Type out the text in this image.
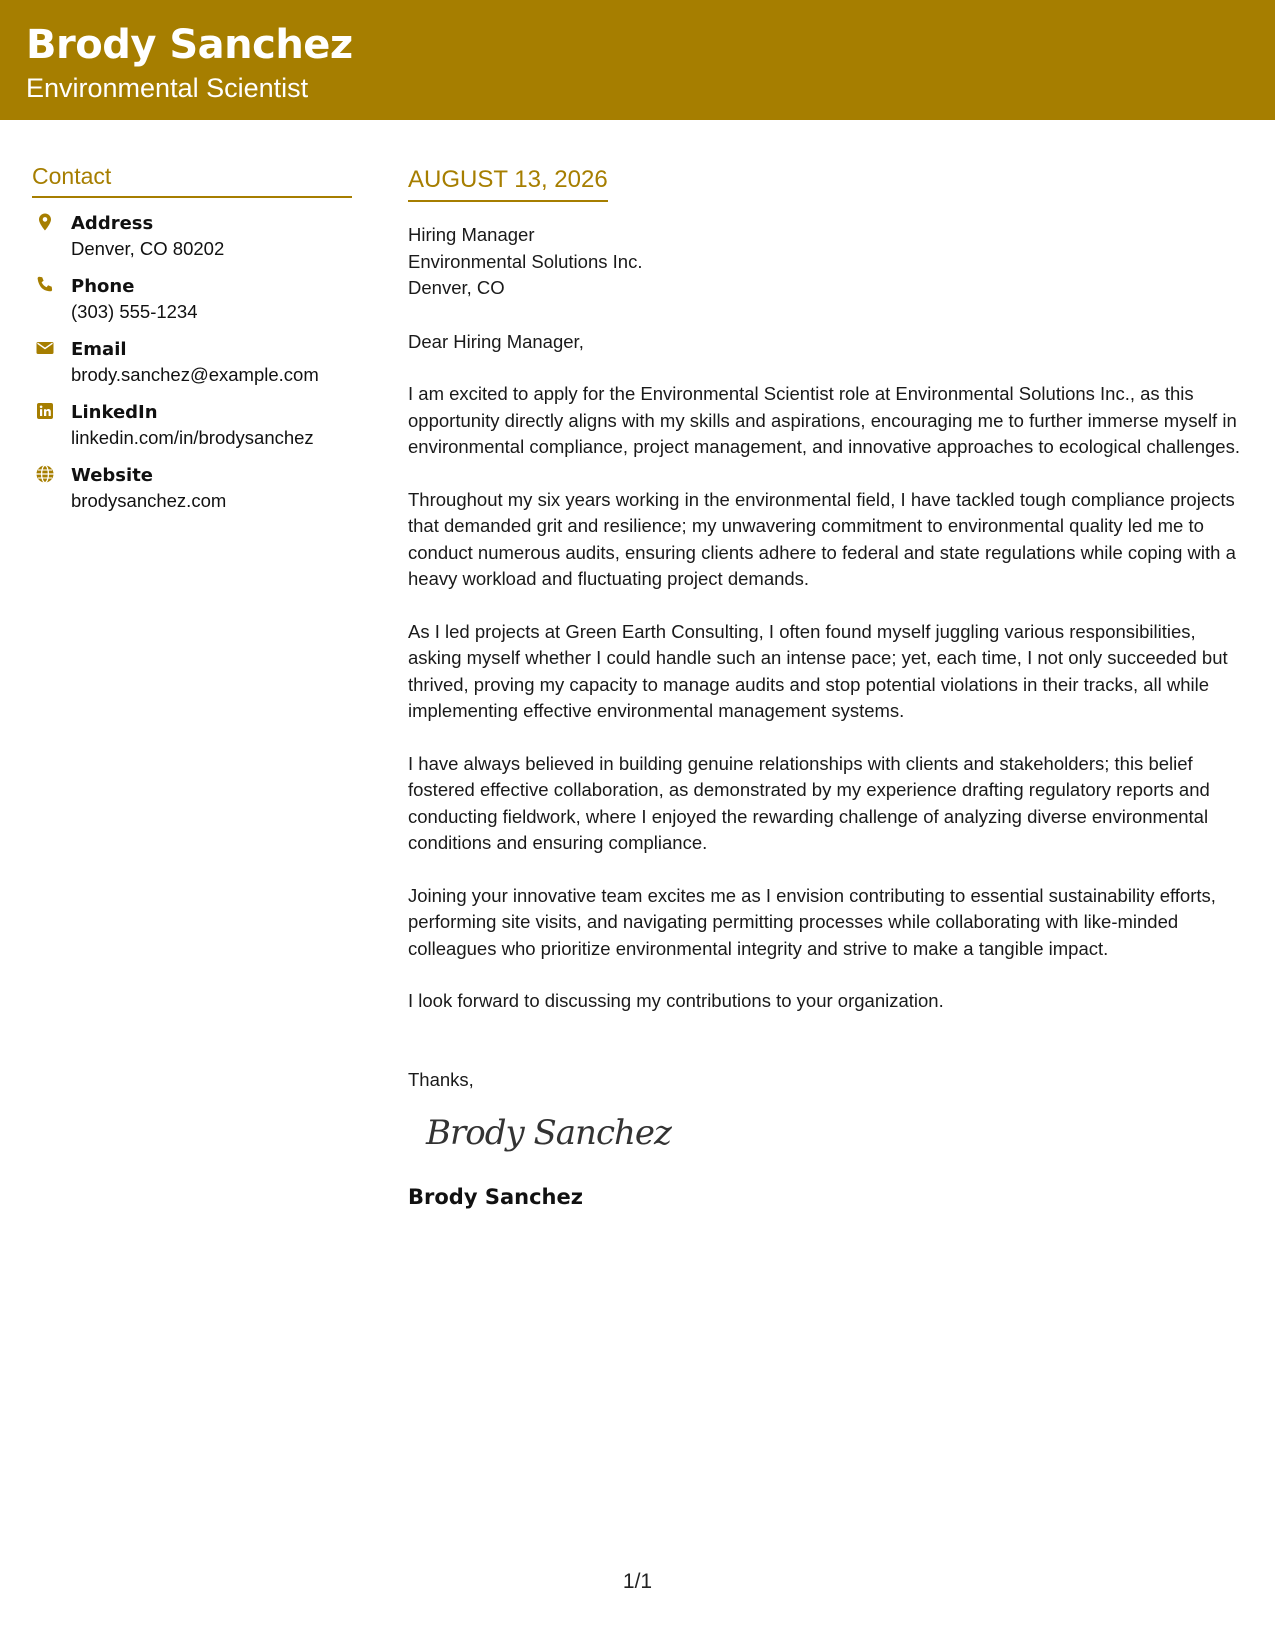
Brody Sanchez
Environmental Scientist
Contact
Address
Denver, CO 80202
Phone
(303) 555-1234
Email
brody.sanchez@example.com
LinkedIn
linkedin.com/in/brodysanchez
Website
brodysanchez.com
AUGUST 13, 2026
Hiring Manager
Environmental Solutions Inc.
Denver, CO
Dear Hiring Manager,
I am excited to apply for the Environmental Scientist role at Environmental Solutions Inc., as this opportunity directly aligns with my skills and aspirations, encouraging me to further immerse myself in environmental compliance, project management, and innovative approaches to ecological challenges.
Throughout my six years working in the environmental field, I have tackled tough compliance projects that demanded grit and resilience; my unwavering commitment to environmental quality led me to conduct numerous audits, ensuring clients adhere to federal and state regulations while coping with a heavy workload and fluctuating project demands.
As I led projects at Green Earth Consulting, I often found myself juggling various responsibilities, asking myself whether I could handle such an intense pace; yet, each time, I not only succeeded but thrived, proving my capacity to manage audits and stop potential violations in their tracks, all while implementing effective environmental management systems.
I have always believed in building genuine relationships with clients and stakeholders; this belief fostered effective collaboration, as demonstrated by my experience drafting regulatory reports and conducting fieldwork, where I enjoyed the rewarding challenge of analyzing diverse environmental conditions and ensuring compliance.
Joining your innovative team excites me as I envision contributing to essential sustainability efforts, performing site visits, and navigating permitting processes while collaborating with like-minded colleagues who prioritize environmental integrity and strive to make a tangible impact.
I look forward to discussing my contributions to your organization.
Thanks,
Brody Sanchez
Brody Sanchez
1/1
